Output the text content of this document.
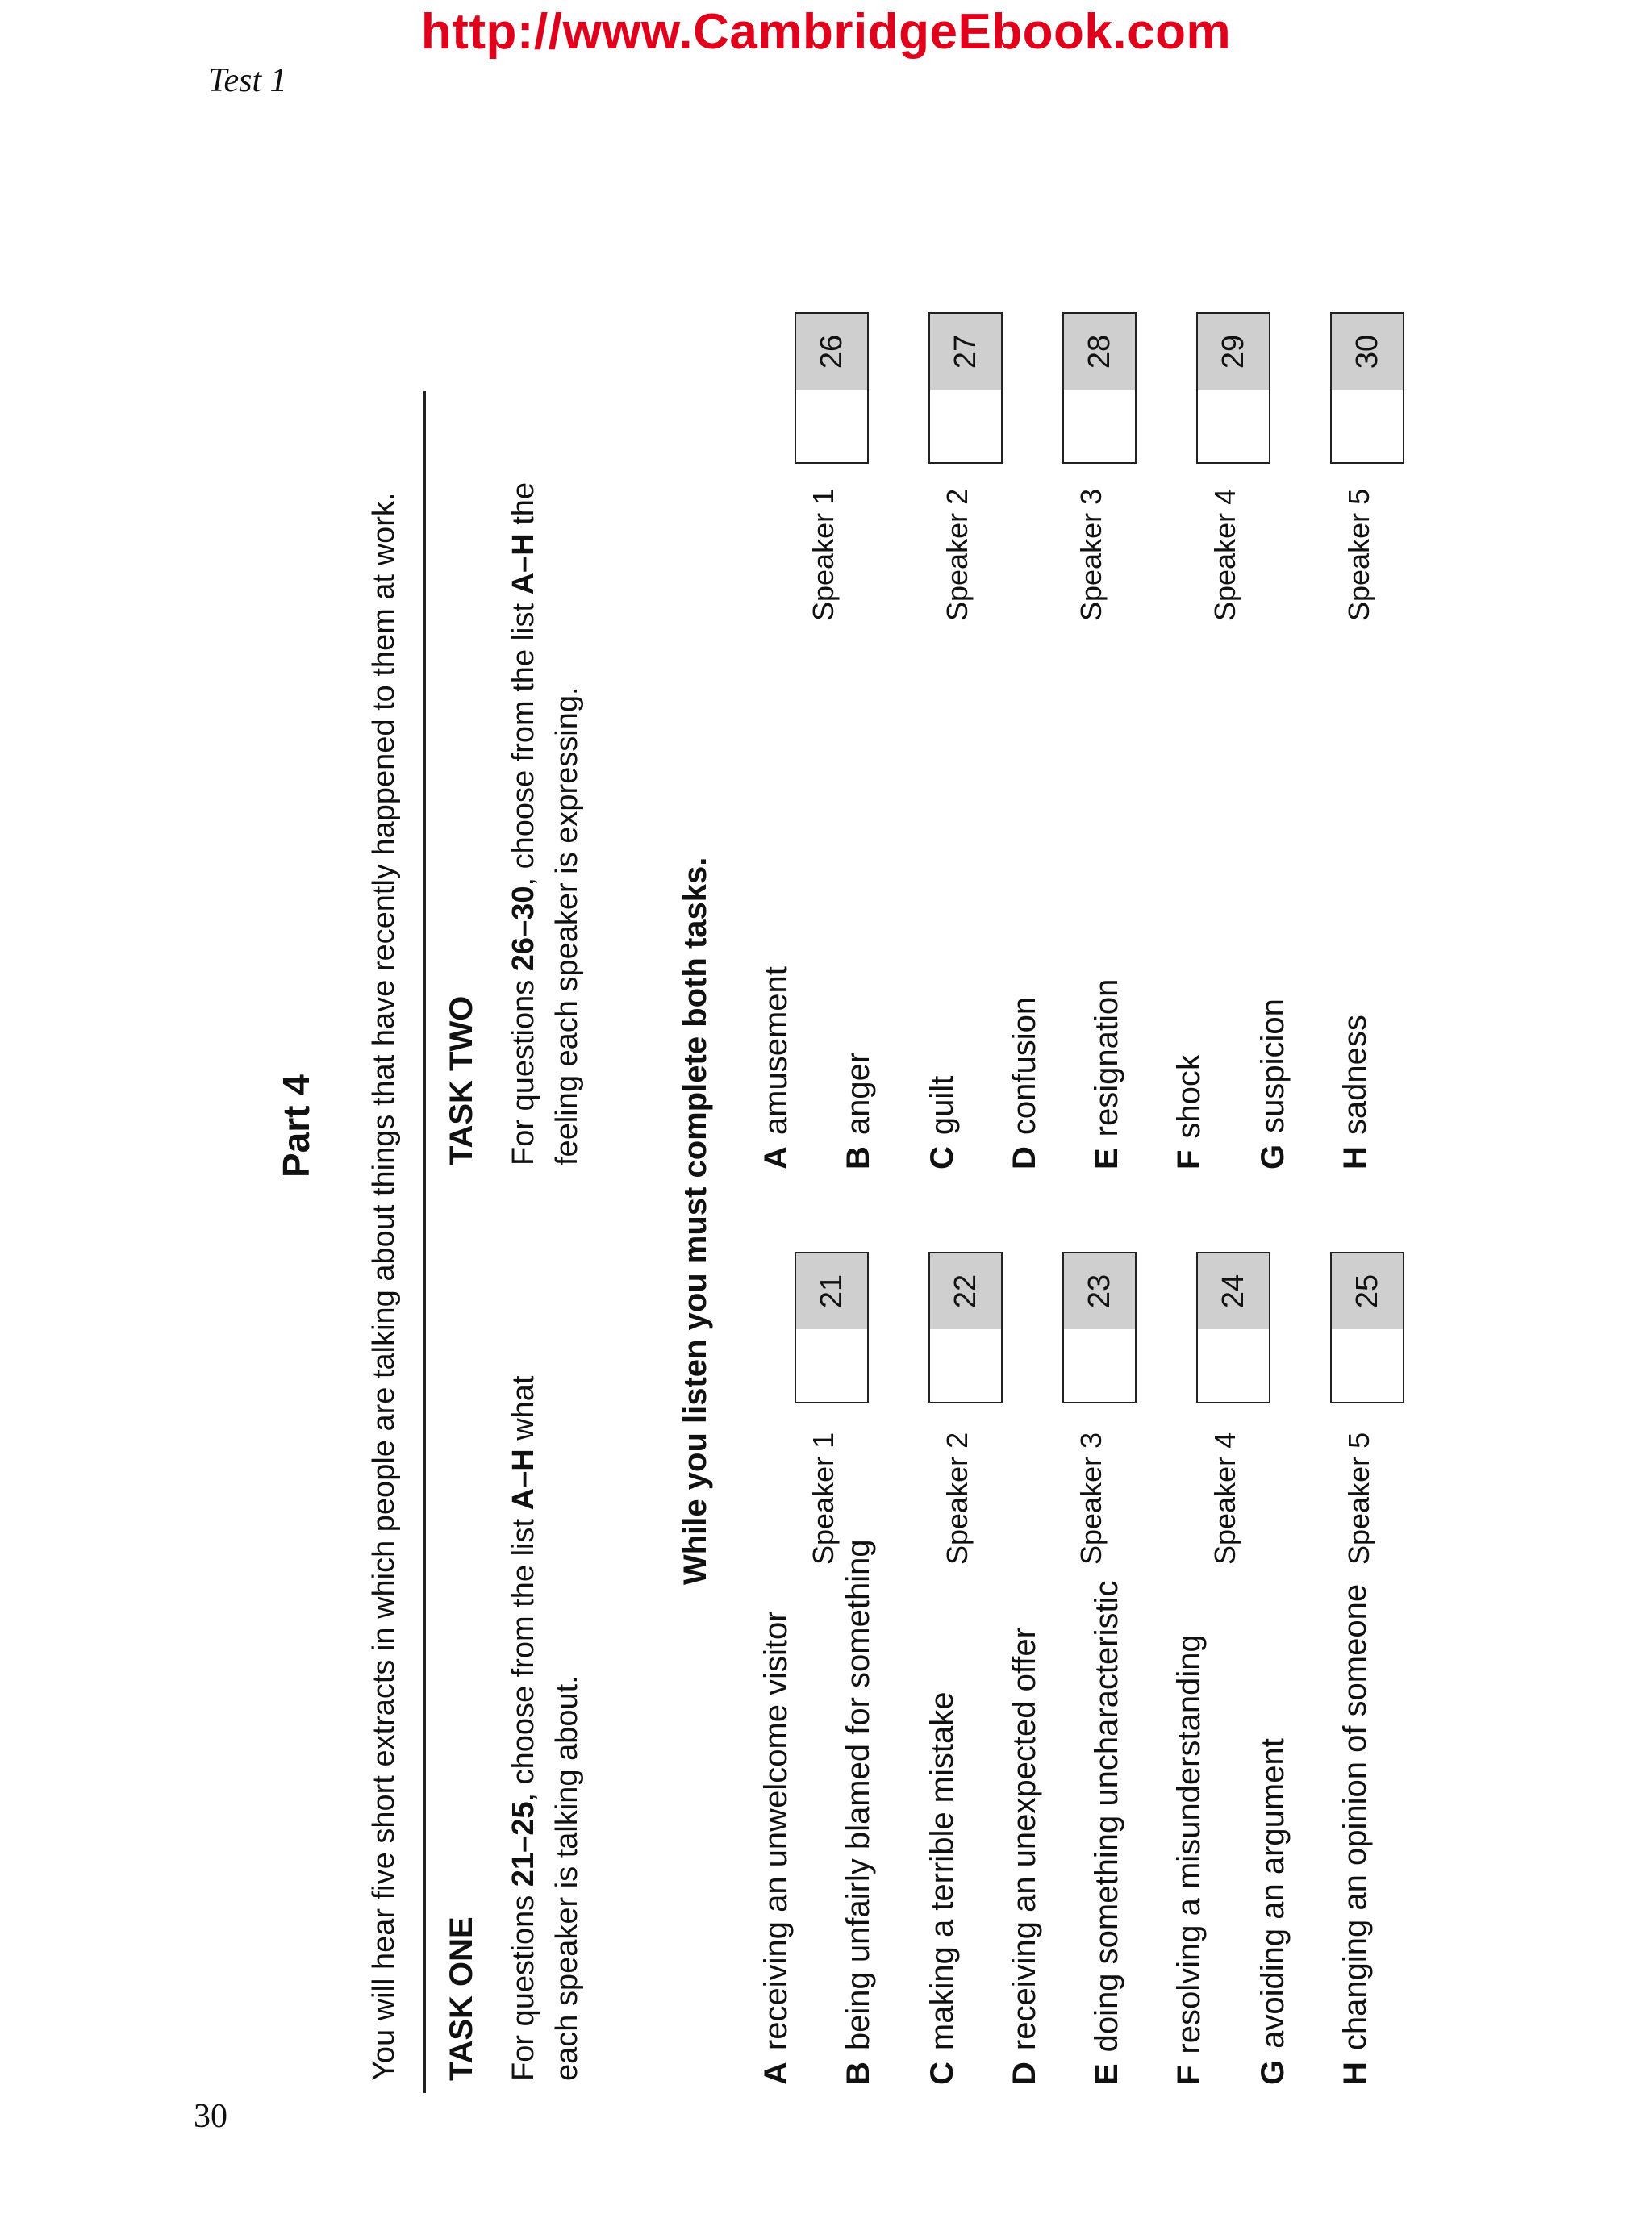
http://www.CambridgeEbook.com
Test 1
30
Part 4 You will hear five short extracts in which people are talking about things that have recently happened to them at work. TASK ONE For questions 21–25, choose from the list A–H what
each speaker is talking about.
While you listen you must complete both tasks.
Areceiving an unwelcome visitor
Bbeing unfairly blamed for something
Cmaking a terrible mistake
Dreceiving an unexpected offer
Edoing something uncharacteristic
Fresolving a misunderstanding
Gavoiding an argument
Hchanging an opinion of someone
Speaker 1
21
Speaker 2
22
Speaker 3
23
Speaker 4
24
Speaker 5
25
TASK TWO For questions 26–30, choose from the list A–H the
feeling each speaker is expressing.	Aamusement
Banger
Cguilt
Dconfusion
Eresignation
Fshock
Gsuspicion
Hsadness
Speaker 1
26
Speaker 2
27
Speaker 3
28
Speaker 4
29
Speaker 5
30
